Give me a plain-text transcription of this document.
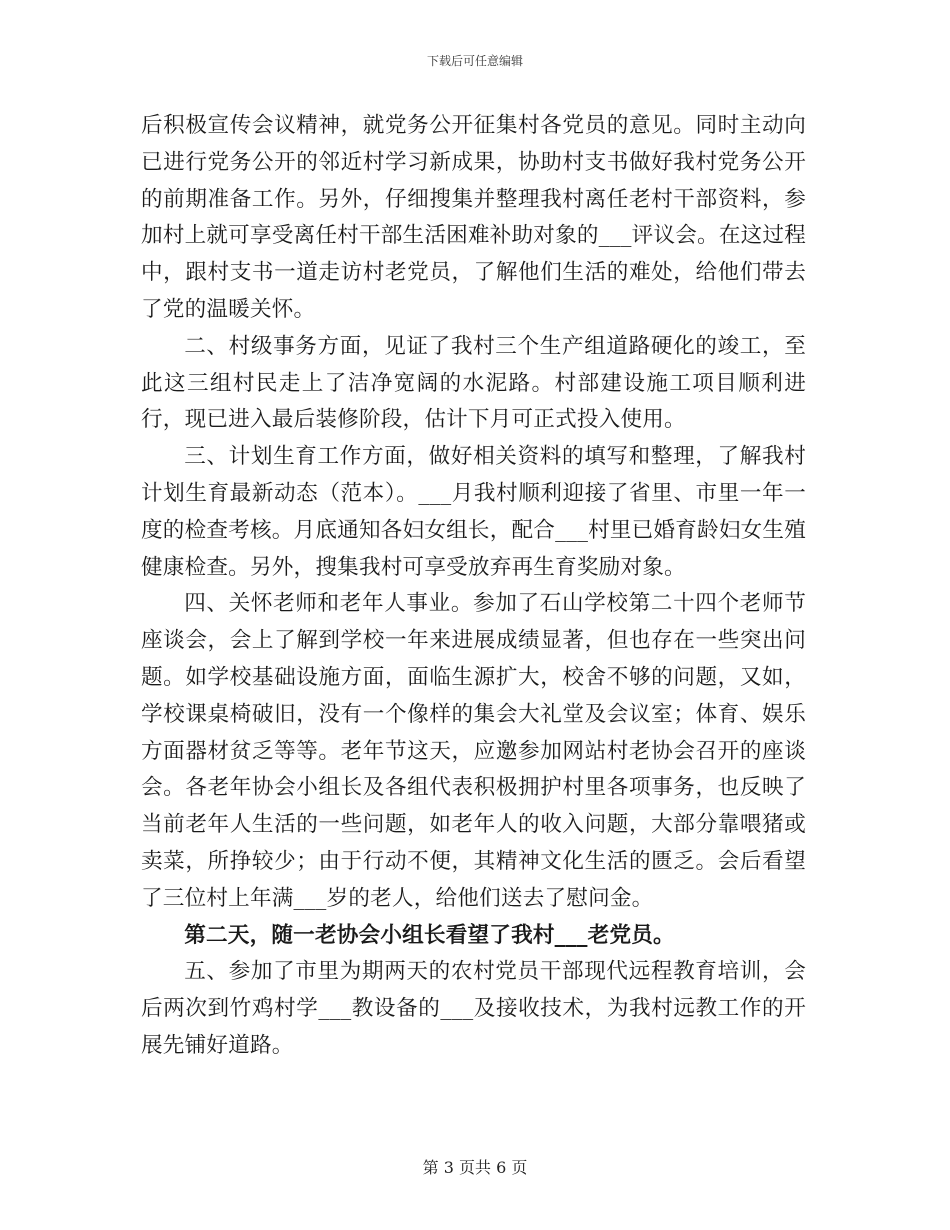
下载后可任意编辑

后积极宣传会议精神，就党务公开征集村各党员的意见。同时主动向已进行党务公开的邻近村学习新成果，协助村支书做好我村党务公开的前期准备工作。另外，仔细搜集并整理我村离任老村干部资料，参加村上就可享受离任村干部生活困难补助对象的___评议会。在这过程中，跟村支书一道走访村老党员，了解他们生活的难处，给他们带去了党的温暖关怀。

二、村级事务方面，见证了我村三个生产组道路硬化的竣工，至此这三组村民走上了洁净宽阔的水泥路。村部建设施工项目顺利进行，现已进入最后装修阶段，估计下月可正式投入使用。

三、计划生育工作方面，做好相关资料的填写和整理，了解我村计划生育最新动态（范本）。___月我村顺利迎接了省里、市里一年一度的检查考核。月底通知各妇女组长，配合___村里已婚育龄妇女生殖健康检查。另外，搜集我村可享受放弃再生育奖励对象。

四、关怀老师和老年人事业。参加了石山学校第二十四个老师节座谈会，会上了解到学校一年来进展成绩显著，但也存在一些突出问题。如学校基础设施方面，面临生源扩大，校舍不够的问题，又如，学校课桌椅破旧，没有一个像样的集会大礼堂及会议室；体育、娱乐方面器材贫乏等等。老年节这天，应邀参加网站村老协会召开的座谈会。各老年协会小组长及各组代表积极拥护村里各项事务，也反映了当前老年人生活的一些问题，如老年人的收入问题，大部分靠喂猪或卖菜，所挣较少；由于行动不便，其精神文化生活的匮乏。会后看望了三位村上年满___岁的老人，给他们送去了慰问金。

第二天，随一老协会小组长看望了我村___老党员。

五、参加了市里为期两天的农村党员干部现代远程教育培训，会后两次到竹鸡村学___教设备的___及接收技术，为我村远教工作的开展先铺好道路。

第 3 页共 6 页
